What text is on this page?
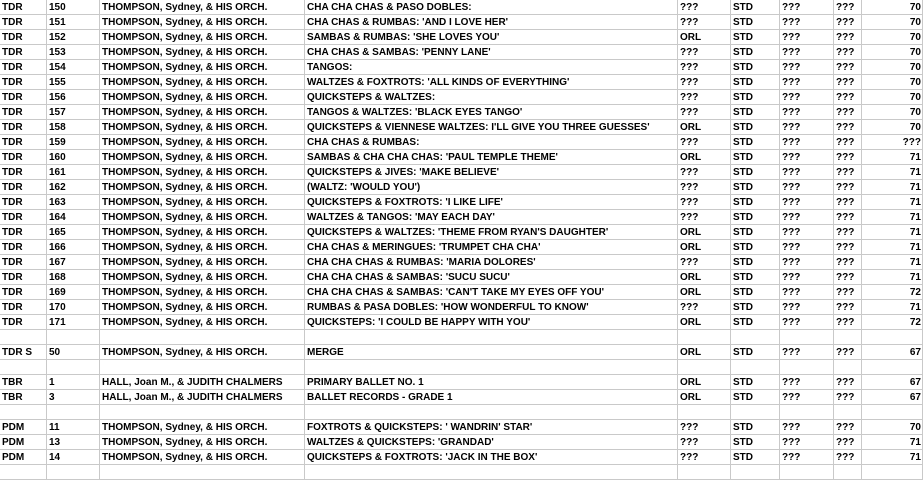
TDR	150	THOMPSON, Sydney, & HIS ORCH.	CHA CHA CHAS & PASO DOBLES:	???	STD	???	???	70
TDR	151	THOMPSON, Sydney, & HIS ORCH.	CHA CHAS & RUMBAS: 'AND I LOVE HER'	???	STD	???	???	70
TDR	152	THOMPSON, Sydney, & HIS ORCH.	SAMBAS & RUMBAS: 'SHE LOVES YOU'	ORL	STD	???	???	70
TDR	153	THOMPSON, Sydney, & HIS ORCH.	CHA CHAS & SAMBAS: 'PENNY LANE'	???	STD	???	???	70
TDR	154	THOMPSON, Sydney, & HIS ORCH.	TANGOS:	???	STD	???	???	70
TDR	155	THOMPSON, Sydney, & HIS ORCH.	WALTZES & FOXTROTS: 'ALL KINDS OF EVERYTHING'	???	STD	???	???	70
TDR	156	THOMPSON, Sydney, & HIS ORCH.	QUICKSTEPS & WALTZES:	???	STD	???	???	70
TDR	157	THOMPSON, Sydney, & HIS ORCH.	TANGOS & WALTZES: 'BLACK EYES TANGO'	???	STD	???	???	70
TDR	158	THOMPSON, Sydney, & HIS ORCH.	QUICKSTEPS & VIENNESE WALTZES: I'LL GIVE YOU THREE GUESSES'	ORL	STD	???	???	70
TDR	159	THOMPSON, Sydney, & HIS ORCH.	CHA CHAS & RUMBAS:	???	STD	???	???	???
TDR	160	THOMPSON, Sydney, & HIS ORCH.	SAMBAS & CHA CHA CHAS: 'PAUL TEMPLE THEME'	ORL	STD	???	???	71
TDR	161	THOMPSON, Sydney, & HIS ORCH.	QUICKSTEPS & JIVES: 'MAKE BELIEVE'	???	STD	???	???	71
TDR	162	THOMPSON, Sydney, & HIS ORCH.	(WALTZ: 'WOULD YOU')	???	STD	???	???	71
TDR	163	THOMPSON, Sydney, & HIS ORCH.	QUICKSTEPS & FOXTROTS: 'I LIKE LIFE'	???	STD	???	???	71
TDR	164	THOMPSON, Sydney, & HIS ORCH.	WALTZES & TANGOS: 'MAY EACH DAY'	???	STD	???	???	71
TDR	165	THOMPSON, Sydney, & HIS ORCH.	QUICKSTEPS & WALTZES: 'THEME FROM RYAN'S DAUGHTER'	ORL	STD	???	???	71
TDR	166	THOMPSON, Sydney, & HIS ORCH.	CHA CHAS & MERINGUES: 'TRUMPET CHA CHA'	ORL	STD	???	???	71
TDR	167	THOMPSON, Sydney, & HIS ORCH.	CHA CHA CHAS & RUMBAS: 'MARIA DOLORES'	???	STD	???	???	71
TDR	168	THOMPSON, Sydney, & HIS ORCH.	CHA CHA CHAS & SAMBAS: 'SUCU SUCU'	ORL	STD	???	???	71
TDR	169	THOMPSON, Sydney, & HIS ORCH.	CHA CHA CHAS & SAMBAS: 'CAN'T TAKE MY EYES OFF YOU'	ORL	STD	???	???	72
TDR	170	THOMPSON, Sydney, & HIS ORCH.	RUMBAS & PASA DOBLES: 'HOW WONDERFUL TO KNOW'	???	STD	???	???	71
TDR	171	THOMPSON, Sydney, & HIS ORCH.	QUICKSTEPS: 'I COULD BE HAPPY WITH YOU'	ORL	STD	???	???	72
TDR S	50	THOMPSON, Sydney, & HIS ORCH.	MERGE	ORL	STD	???	???	67
TBR	1	HALL, Joan M., & JUDITH CHALMERS	PRIMARY BALLET NO. 1	ORL	STD	???	???	67
TBR	3	HALL, Joan M., & JUDITH CHALMERS	BALLET RECORDS - GRADE 1	ORL	STD	???	???	67
PDM	11	THOMPSON, Sydney, & HIS ORCH.	FOXTROTS & QUICKSTEPS: ' WANDRIN' STAR'	???	STD	???	???	70
PDM	13	THOMPSON, Sydney, & HIS ORCH.	WALTZES & QUICKSTEPS: 'GRANDAD'	???	STD	???	???	71
PDM	14	THOMPSON, Sydney, & HIS ORCH.	QUICKSTEPS & FOXTROTS: 'JACK IN THE BOX'	???	STD	???	???	71
